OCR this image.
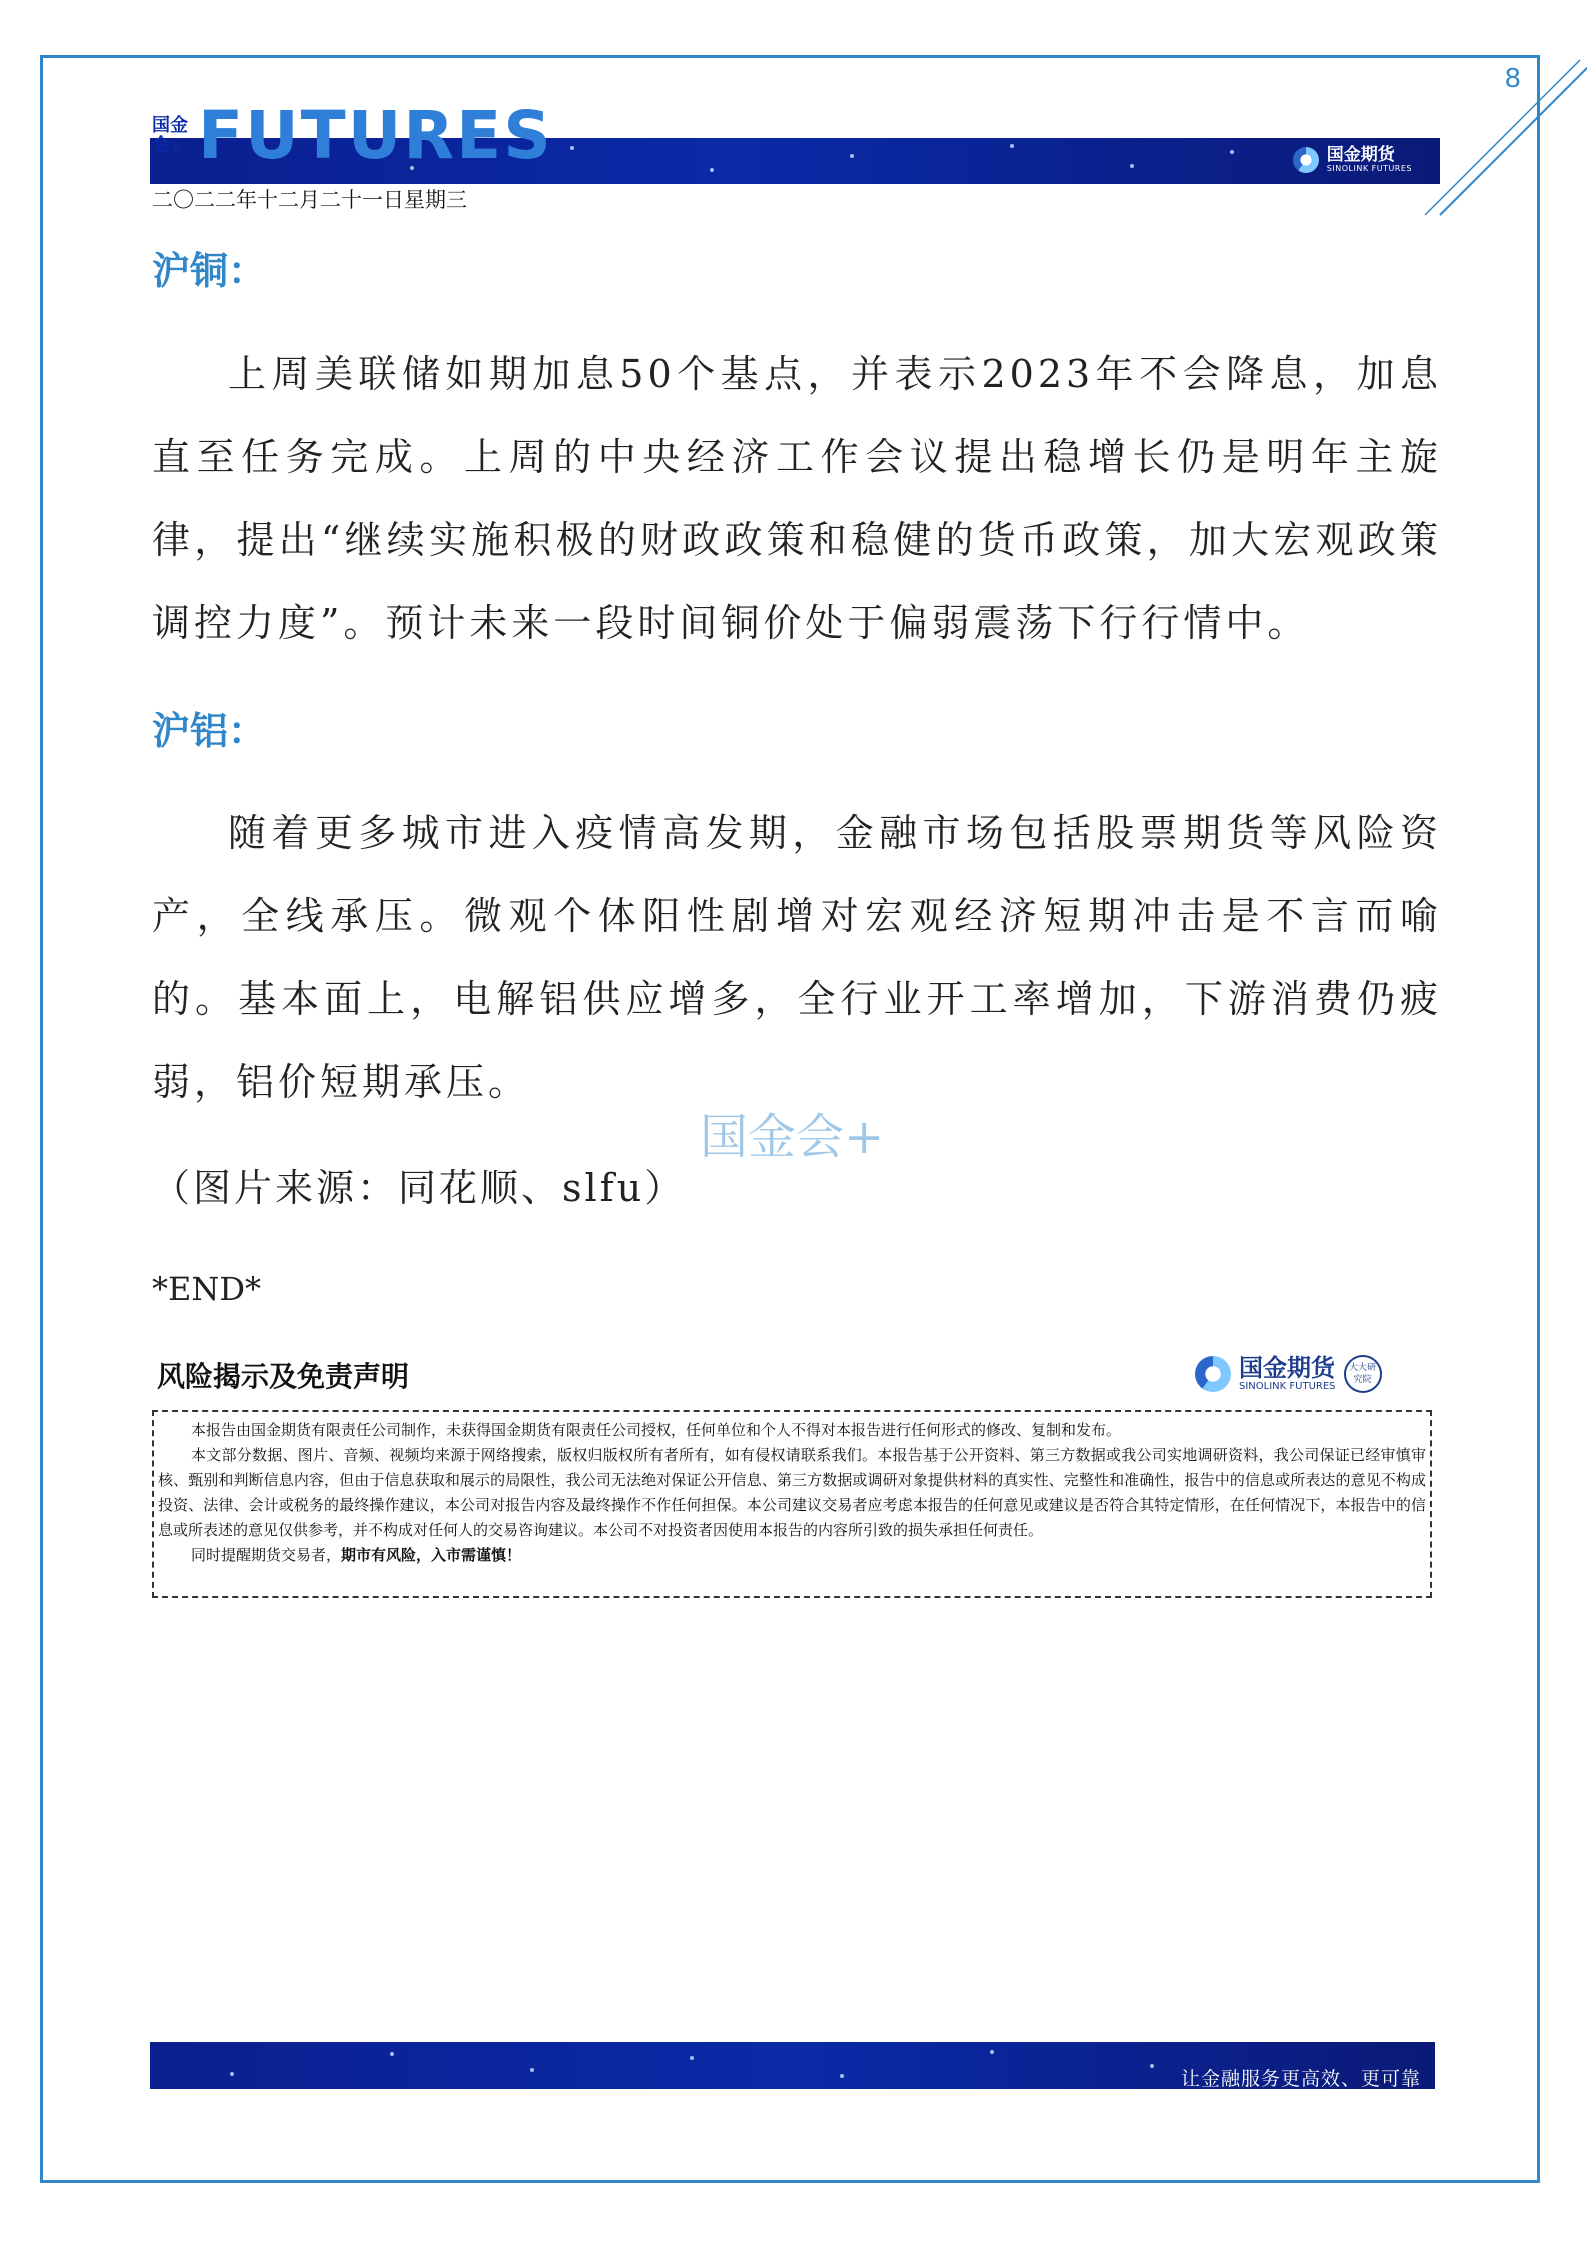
8
国金期货
SINOLINK FUTURES
国金
会+ FUTURES
二〇二二年十二月二十一日星期三
沪铜：

上周美联储如期加息50个基点，并表示2023年不会降息，加息直至任务完成。上周的中央经济工作会议提出稳增长仍是明年主旋律，提出“继续实施积极的财政政策和稳健的货币政策，加大宏观政策调控力度”。预计未来一段时间铜价处于偏弱震荡下行行情中。

沪铝：

随着更多城市进入疫情高发期，金融市场包括股票期货等风险资产，全线承压。微观个体阳性剧增对宏观经济短期冲击是不言而喻的。基本面上，电解铝供应增多，全行业开工率增加，下游消费仍疲弱，铝价短期承压。

国金会+
（图片来源：同花顺、slfu）
*END*
风险揭示及免责声明	国金期货
SINOLINK FUTURES
大大研究院

本报告由国金期货有限责任公司制作，未获得国金期货有限责任公司授权，任何单位和个人不得对本报告进行任何形式的修改、复制和发布。

本文部分数据、图片、音频、视频均来源于网络搜索，版权归版权所有者所有，如有侵权请联系我们。本报告基于公开资料、第三方数据或我公司实地调研资料，我公司保证已经审慎审核、甄别和判断信息内容，但由于信息获取和展示的局限性，我公司无法绝对保证公开信息、第三方数据或调研对象提供材料的真实性、完整性和准确性，报告中的信息或所表达的意见不构成投资、法律、会计或税务的最终操作建议，本公司对报告内容及最终操作不作任何担保。本公司建议交易者应考虑本报告的任何意见或建议是否符合其特定情形，在任何情况下，本报告中的信息或所表述的意见仅供参考，并不构成对任何人的交易咨询建议。本公司不对投资者因使用本报告的内容所引致的损失承担任何责任。

同时提醒期货交易者，期市有风险，入市需谨慎！

让金融服务更高效、更可靠
